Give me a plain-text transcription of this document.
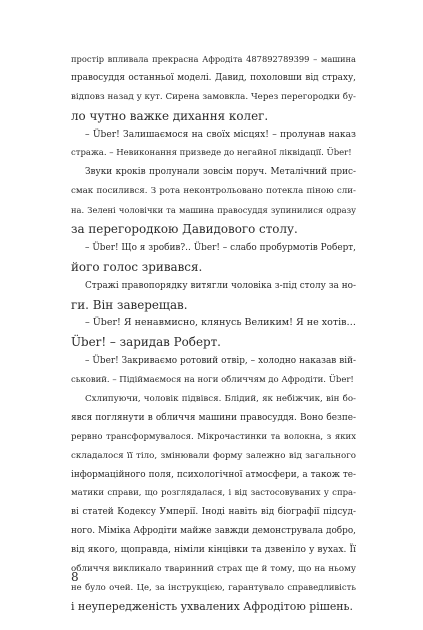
простір впливала прекрасна Афродіта 487892789399 – машина
правосуддя останньої моделі. Давид, похоловши від страху,
відповз назад у кут. Сирена замовкла. Через перегородки бу-
ло чутно важке дихання колег.
– Über! Залишаємося на своїх місцях! – пролунав наказ
стража. – Невиконання призведе до негайної ліквідації. Über!
Звуки кроків пролунали зовсім поруч. Металічний прис-
смак посилився. З рота неконтрольовано потекла піною сли-
на. Зелені чоловічки та машина правосуддя зупинилися одразу
за перегородкою Давидового столу.
– Über! Що я зробив?.. Über! – слабо пробурмотів Роберт,
його голос зривався.
Стражі правопорядку витягли чоловіка з-під столу за но-
ги. Він заверещав.
– Über! Я ненавмисно, клянусь Великим! Я не хотів…
Über! – заридав Роберт.
– Über! Закриваємо ротовий отвір, – холодно наказав вій-
ськовий. – Підіймаємося на ноги обличчям до Афродіти. Über!
Схлипуючи, чоловік підвівся. Блідий, як небіжчик, він бо-
явся поглянути в обличчя машини правосуддя. Воно безпе-
рервно трансформувалося. Мікрочастинки та волокна, з яких
складалося її тіло, змінювали форму залежно від загального
інформаційного поля, психологічної атмосфери, а також те-
матики справи, що розглядалася, і від застосовуваних у спра-
ві статей Кодексу Умперії. Іноді навіть від біографії підсуд-
ного. Міміка Афродіти майже завжди демонструвала добро,
від якого, щоправда, німіли кінцівки та дзвеніло у вухах. Її
обличчя викликало тваринний страх ще й тому, що на ньому
не було очей. Це, за інструкцією, гарантувало справедливість
і неупередженість ухвалених Афродітою рішень.
8
